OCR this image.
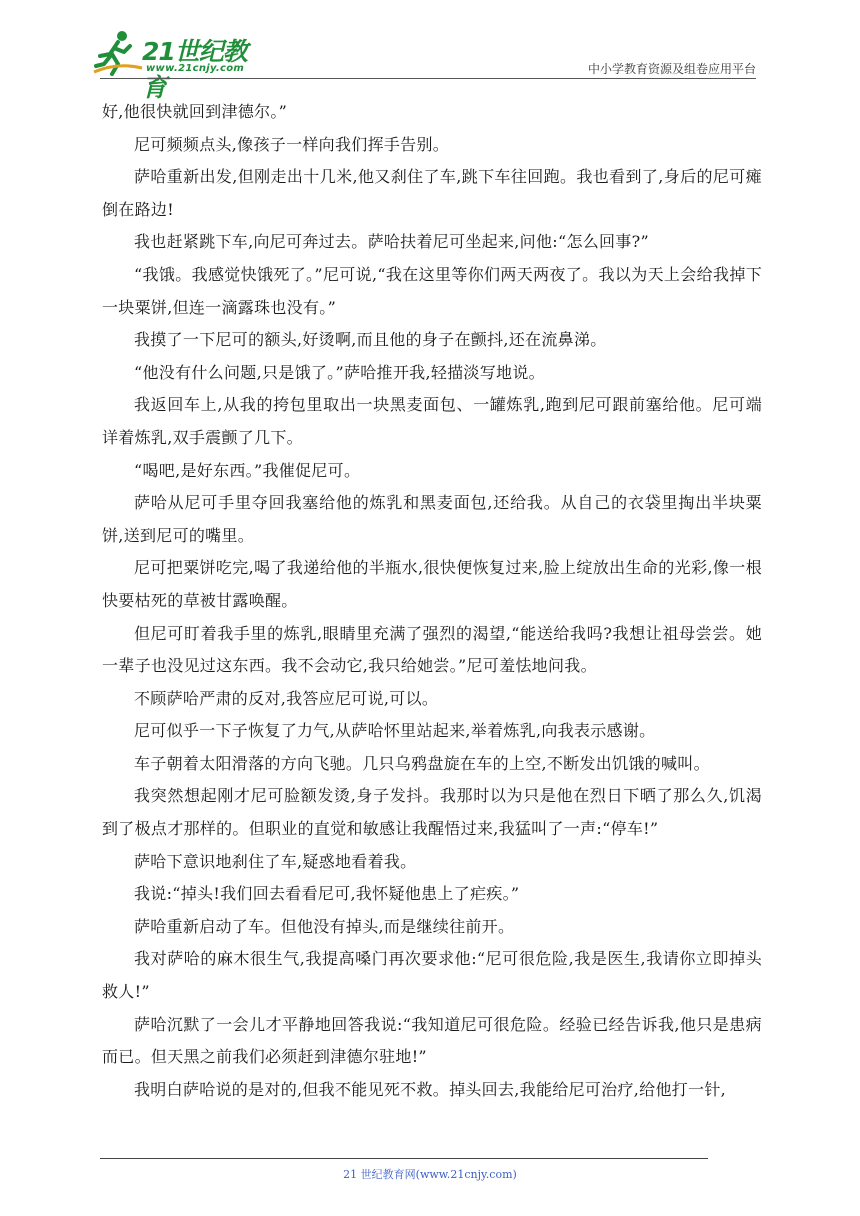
21世纪教育
www.21cnjy.com	中小学教育资源及组卷应用平台

好,他很快就回到津德尔。”

尼可频频点头,像孩子一样向我们挥手告别。

萨哈重新出发,但刚走出十几米,他又刹住了车,跳下车往回跑。我也看到了,身后的尼可瘫倒在路边!

我也赶紧跳下车,向尼可奔过去。萨哈扶着尼可坐起来,问他:“怎么回事?”

“我饿。我感觉快饿死了。”尼可说,“我在这里等你们两天两夜了。我以为天上会给我掉下一块粟饼,但连一滴露珠也没有。”

我摸了一下尼可的额头,好烫啊,而且他的身子在颤抖,还在流鼻涕。

“他没有什么问题,只是饿了。”萨哈推开我,轻描淡写地说。

我返回车上,从我的挎包里取出一块黑麦面包、一罐炼乳,跑到尼可跟前塞给他。尼可端详着炼乳,双手震颤了几下。

“喝吧,是好东西。”我催促尼可。

萨哈从尼可手里夺回我塞给他的炼乳和黑麦面包,还给我。从自己的衣袋里掏出半块粟饼,送到尼可的嘴里。

尼可把粟饼吃完,喝了我递给他的半瓶水,很快便恢复过来,脸上绽放出生命的光彩,像一根快要枯死的草被甘露唤醒。

但尼可盯着我手里的炼乳,眼睛里充满了强烈的渴望,“能送给我吗?我想让祖母尝尝。她一辈子也没见过这东西。我不会动它,我只给她尝。”尼可羞怯地问我。

不顾萨哈严肃的反对,我答应尼可说,可以。

尼可似乎一下子恢复了力气,从萨哈怀里站起来,举着炼乳,向我表示感谢。

车子朝着太阳滑落的方向飞驰。几只乌鸦盘旋在车的上空,不断发出饥饿的喊叫。

我突然想起刚才尼可脸额发烫,身子发抖。我那时以为只是他在烈日下晒了那么久,饥渴到了极点才那样的。但职业的直觉和敏感让我醒悟过来,我猛叫了一声:“停车!”

萨哈下意识地刹住了车,疑惑地看着我。

我说:“掉头!我们回去看看尼可,我怀疑他患上了疟疾。”

萨哈重新启动了车。但他没有掉头,而是继续往前开。

我对萨哈的麻木很生气,我提高嗓门再次要求他:“尼可很危险,我是医生,我请你立即掉头救人!”

萨哈沉默了一会儿才平静地回答我说:“我知道尼可很危险。经验已经告诉我,他只是患病而已。但天黑之前我们必须赶到津德尔驻地!”

我明白萨哈说的是对的,但我不能见死不救。掉头回去,我能给尼可治疗,给他打一针,

21 世纪教育网(www.21cnjy.com)
